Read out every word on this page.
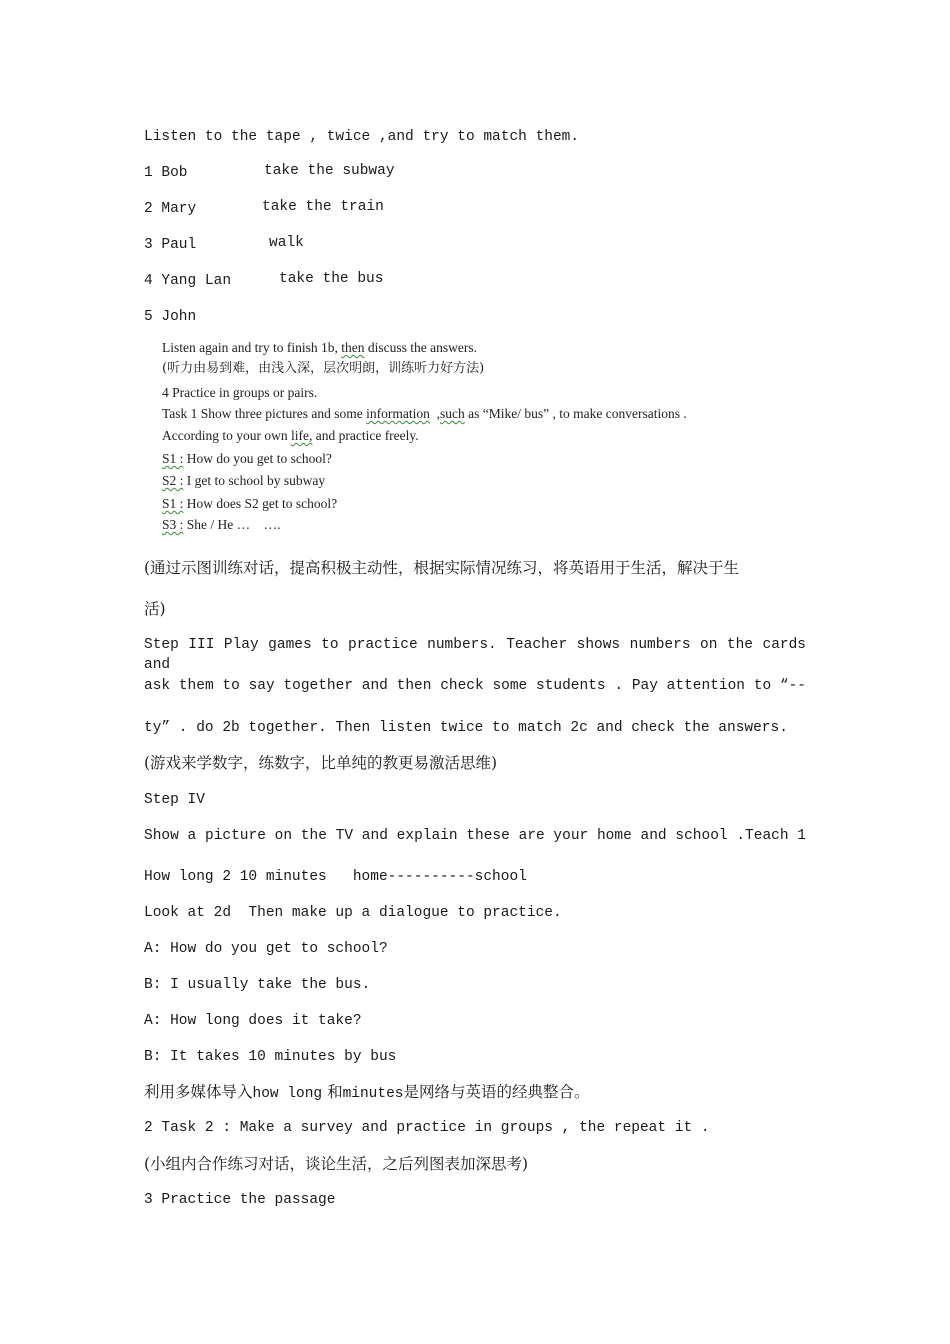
Listen to the tape , twice ,and try to match them.
1 Bob	take the subway
2 Mary	take the train
3 Paul	walk
4 Yang Lan	take the bus
5 John
Listen again and try to finish 1b, then discuss the answers.
(听力由易到难，由浅入深，层次明朗，训练听力好方法)
4 Practice in groups or pairs.
Task 1 Show three pictures and some information  ,such as “Mike/ bus” , to make conversations .
According to your own life, and practice freely.
S1 : How do you get to school?
S2 : I get to school by subway
S1 : How does S2 get to school?
S3 : She / He …    ….
(通过示图训练对话，提高积极主动性，根据实际情况练习，将英语用于生活，解决于生
活)
Step III Play games to practice numbers. Teacher shows numbers on the cards and
ask them to say together and then check some students . Pay attention to “--
ty” . do 2b together. Then listen twice to match 2c and check the answers.
(游戏来学数字，练数字，比单纯的教更易激活思维)
Step IV
Show a picture on the TV and explain these are your home and school .Teach 1
How long 2 10 minutes   home----------school
Look at 2d  Then make up a dialogue to practice.
A: How do you get to school?
B: I usually take the bus.
A: How long does it take?
B: It takes 10 minutes by bus
利用多媒体导入how long 和minutes是网络与英语的经典整合。
2 Task 2 : Make a survey and practice in groups , the repeat it .
(小组内合作练习对话，谈论生活，之后列图表加深思考)
3 Practice the passage
